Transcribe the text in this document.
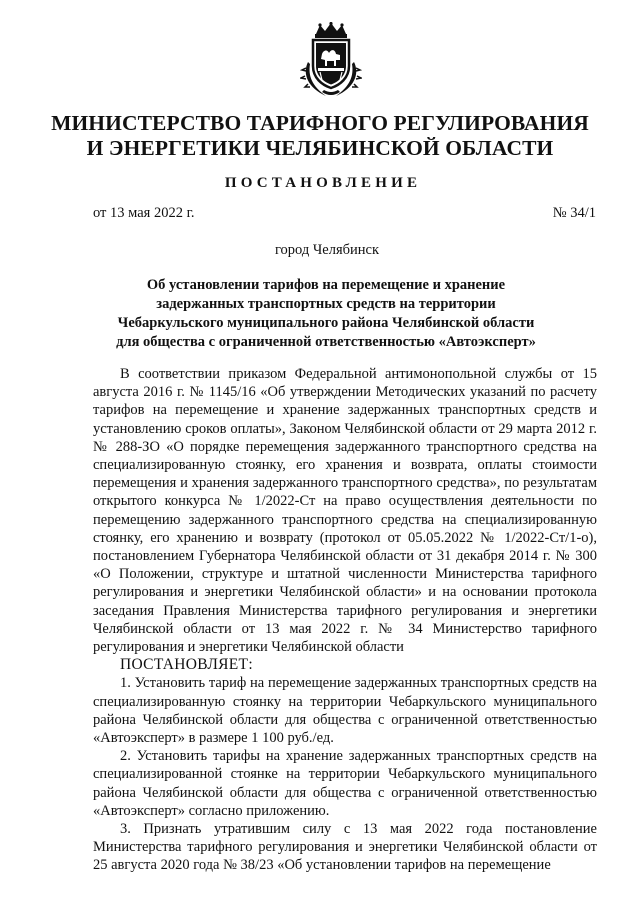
МИНИСТЕРСТВО ТАРИФНОГО РЕГУЛИРОВАНИЯ
И ЭНЕРГЕТИКИ ЧЕЛЯБИНСКОЙ ОБЛАСТИ
ПОСТАНОВЛЕНИЕ
от 13 мая 2022 г.	№ 34/1
город Челябинск
Об установлении тарифов на перемещение и хранение
задержанных транспортных средств на территории
Чебаркульского муниципального района Челябинской области
для общества с ограниченной ответственностью «Автоэксперт»

В соответствии приказом Федеральной антимонопольной службы от 15 августа 2016 г. № 1145/16 «Об утверждении Методических указаний по расчету тарифов на перемещение и хранение задержанных транспортных средств и установлению сроков оплаты», Законом Челябинской области от 29 марта 2012 г. № 288-ЗО «О порядке перемещения задержанного транспортного средства на специализированную стоянку, его хранения и возврата, оплаты стоимости перемещения и хранения задержанного транспортного средства», по результатам открытого конкурса № 1/2022-Ст на право осуществления деятельности по перемещению задержанного транспортного средства на специализированную стоянку, его хранению и возврату (протокол от 05.05.2022 № 1/2022-Ст/1-о), постановлением Губернатора Челябинской области от 31 декабря 2014 г. № 300 «О Положении, структуре и штатной численности Министерства тарифного регулирования и энергетики Челябинской области» и на основании протокола заседания Правления Министерства тарифного регулирования и энергетики Челябинской области от 13 мая 2022 г. № 34 Министерство тарифного регулирования и энергетики Челябинской области

ПОСТАНОВЛЯЕТ:

1. Установить тариф на перемещение задержанных транспортных средств на специализированную стоянку на территории Чебаркульского муниципального района Челябинской области для общества с ограниченной ответственностью «Автоэксперт» в размере 1 100 руб./ед.

2. Установить тарифы на хранение задержанных транспортных средств на специализированной стоянке на территории Чебаркульского муниципального района Челябинской области для общества с ограниченной ответственностью «Автоэксперт» согласно приложению.

3. Признать утратившим силу с 13 мая 2022 года постановление Министерства тарифного регулирования и энергетики Челябинской области от 25 августа 2020 года № 38/23 «Об установлении тарифов на перемещение
